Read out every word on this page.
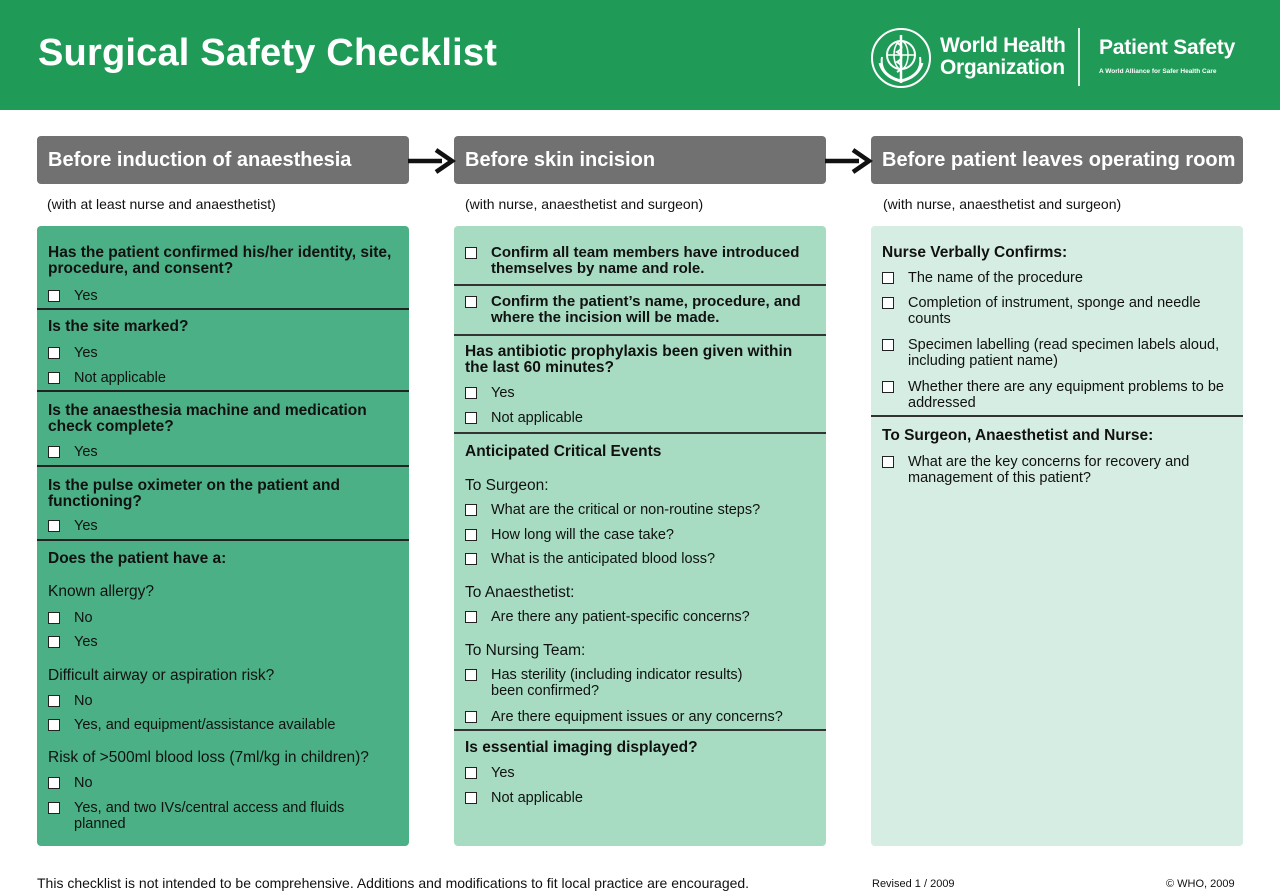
Surgical Safety Checklist	World Health
Organization
Patient Safety
A World Alliance for Safer Health Care
Before induction of anaesthesia	Before skin incision	Before patient leaves operating room
(with at least nurse and anaesthetist)	(with nurse, anaesthetist and surgeon)	(with nurse, anaesthetist and surgeon)
Has the patient confirmed his/her identity, site, procedure, and consent?
Yes
Is the site marked?
Yes
Not applicable
Is the anaesthesia machine and medication check complete?
Yes
Is the pulse oximeter on the patient and functioning?
Yes
Does the patient have a:
Known allergy?
No
Yes
Difficult airway or aspiration risk?
No
Yes, and equipment/assistance available
Risk of >500ml blood loss (7ml/kg in children)?
No
Yes, and two IVs/central access and fluids planned
Confirm all team members have introduced themselves by name and role.
Confirm the patient’s name, procedure, and where the incision will be made.
Has antibiotic prophylaxis been given within the last 60 minutes?
Yes
Not applicable
Anticipated Critical Events
To Surgeon:
What are the critical or non-routine steps?
How long will the case take?
What is the anticipated blood loss?
To Anaesthetist:
Are there any patient-specific concerns?
To Nursing Team:
Has sterility (including indicator results) been confirmed?
Are there equipment issues or any concerns?
Is essential imaging displayed?
Yes
Not applicable
Nurse Verbally Confirms:
The name of the procedure
Completion of instrument, sponge and needle counts
Specimen labelling (read specimen labels aloud, including patient name)
Whether there are any equipment problems to be addressed
To Surgeon, Anaesthetist and Nurse:
What are the key concerns for recovery and management of this patient?
This checklist is not intended to be comprehensive. Additions and modifications to fit local practice are encouraged.	Revised 1 / 2009	© WHO, 2009
